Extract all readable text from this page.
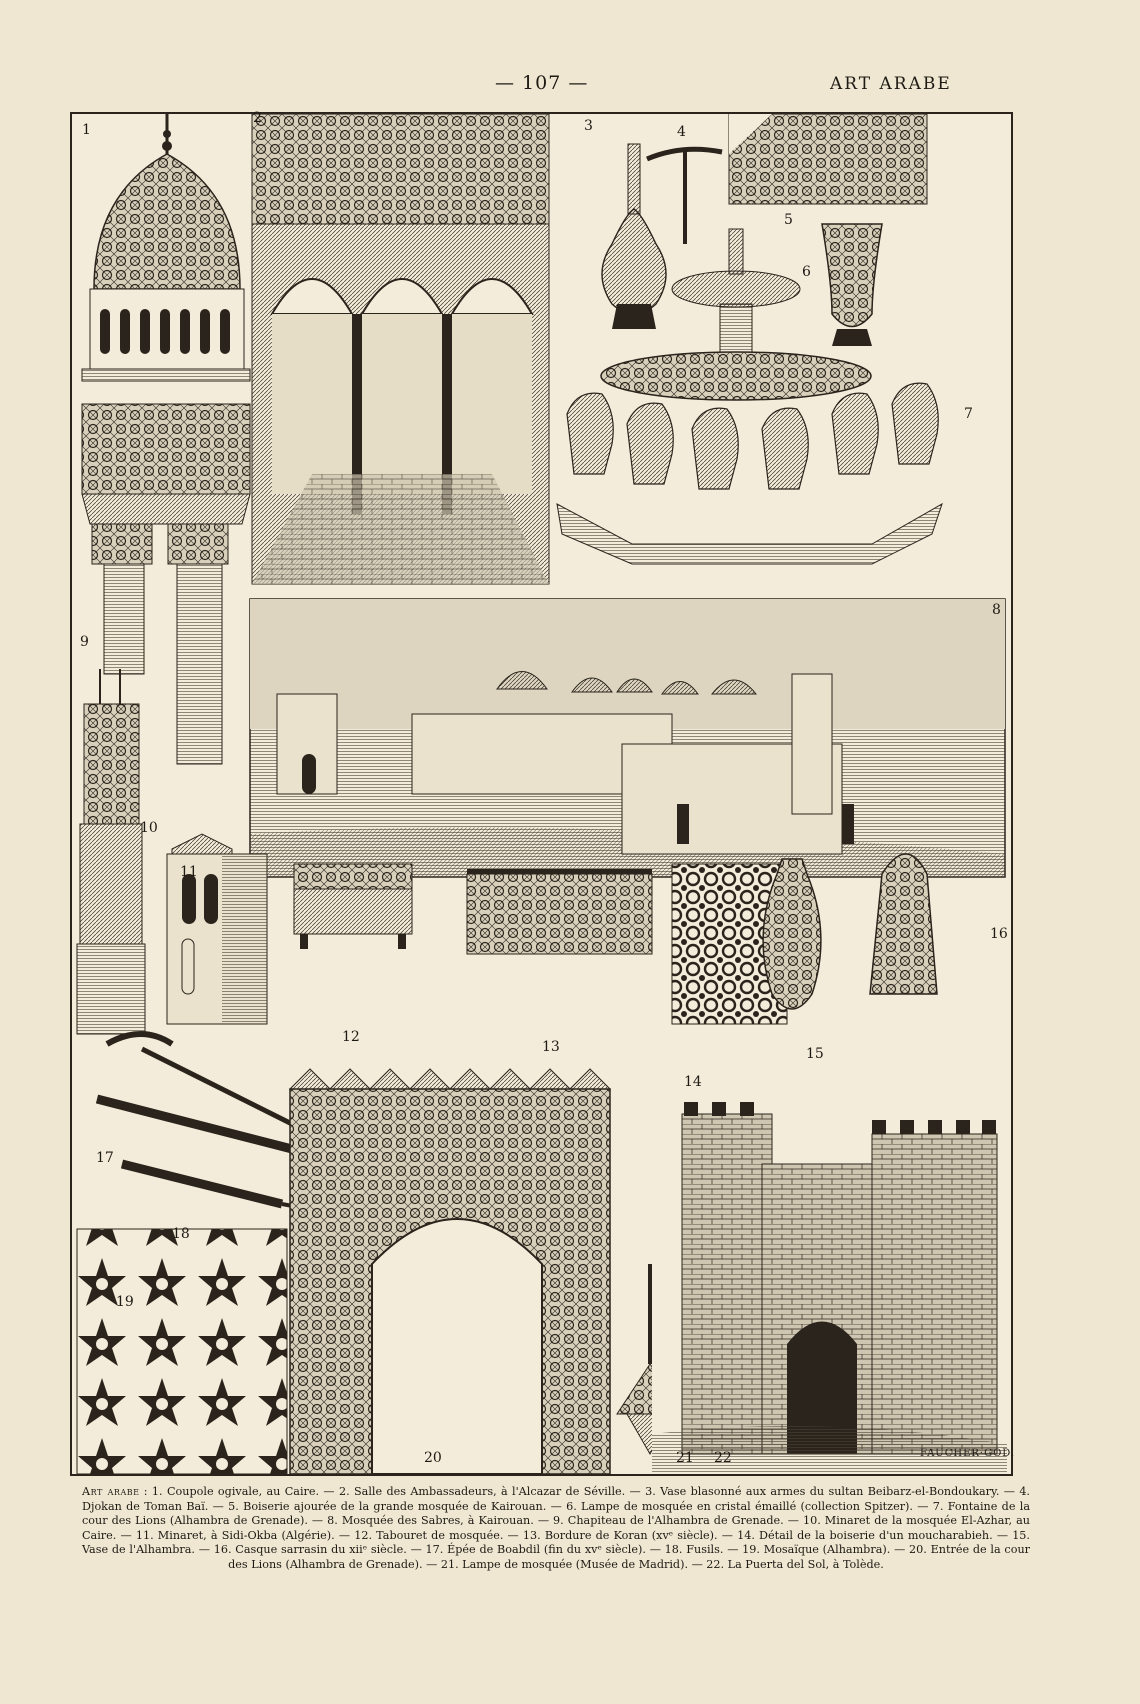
— 107 —	ART ARABE
1
2	3	4
5
6
7
8
9
10
11
12
13
14
15
16
17
18
19
20	21 22	FAUCHER·GOD.
Art arabe : 1. Coupole ogivale, au Caire. — 2. Salle des Ambassadeurs, à l'Alcazar de Séville. — 3. Vase blasonné aux armes du sultan Beibarz-el-Bondoukary. — 4. Djokan de Toman Baï. — 5. Boiserie ajourée de la grande mosquée de Kairouan. — 6. Lampe de mosquée en cristal émaillé (collection Spitzer). — 7. Fontaine de la cour des Lions (Alhambra de Grenade). — 8. Mosquée des Sabres, à Kairouan. — 9. Chapiteau de l'Alhambra de Grenade. — 10. Minaret de la mosquée El-Azhar, au Caire. — 11. Minaret, à Sidi-Okba (Algérie). — 12. Tabouret de mosquée. — 13. Bordure de Koran (xvᵉ siècle). — 14. Détail de la boiserie d'un moucharabieh. — 15. Vase de l'Alhambra. — 16. Casque sarrasin du xiiᵉ siècle. — 17. Épée de Boabdil (fin du xvᵉ siècle). — 18. Fusils. — 19. Mosaïque (Alhambra). — 20. Entrée de la cour des Lions (Alhambra de Grenade). — 21. Lampe de mosquée (Musée de Madrid). — 22. La Puerta del Sol, à Tolède.
